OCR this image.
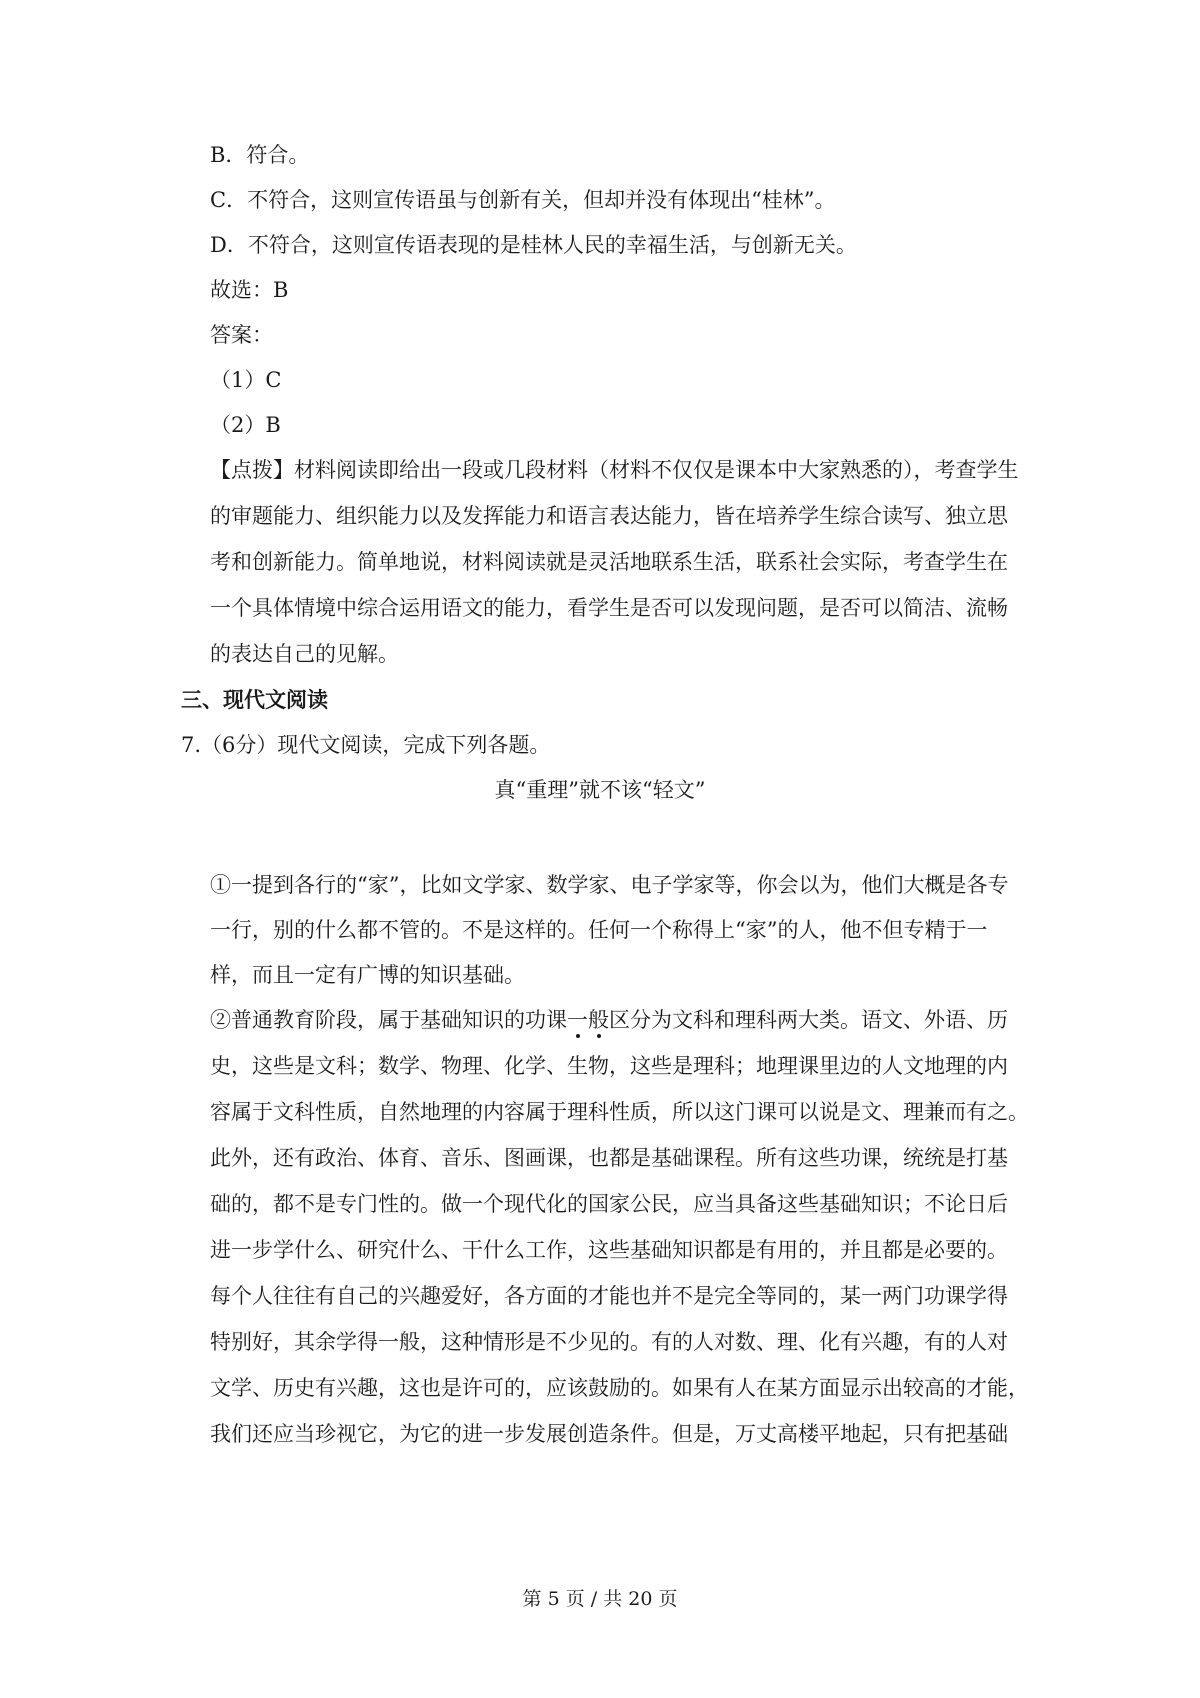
B．符合。
C．不符合，这则宣传语虽与创新有关，但却并没有体现出“桂林”。
D．不符合，这则宣传语表现的是桂林人民的幸福生活，与创新无关。
故选：B
答案：
（1）C
（2）B
【点拨】材料阅读即给出一段或几段材料（材料不仅仅是课本中大家熟悉的），考查学生
的审题能力、组织能力以及发挥能力和语言表达能力，皆在培养学生综合读写、独立思
考和创新能力。简单地说，材料阅读就是灵活地联系生活，联系社会实际，考查学生在
一个具体情境中综合运用语文的能力，看学生是否可以发现问题，是否可以简洁、流畅
的表达自己的见解。
三、现代文阅读
7.（6分）现代文阅读，完成下列各题。
真“重理”就不该“轻文”
①一提到各行的“家”，比如文学家、数学家、电子学家等，你会以为，他们大概是各专
一行，别的什么都不管的。不是这样的。任何一个称得上“家”的人，他不但专精于一
样，而且一定有广博的知识基础。
②普通教育阶段，属于基础知识的功课一般区分为文科和理科两大类。语文、外语、历
史，这些是文科；数学、物理、化学、生物，这些是理科；地理课里边的人文地理的内
容属于文科性质，自然地理的内容属于理科性质，所以这门课可以说是文、理兼而有之。
此外，还有政治、体育、音乐、图画课，也都是基础课程。所有这些功课，统统是打基
础的，都不是专门性的。做一个现代化的国家公民，应当具备这些基础知识；不论日后
进一步学什么、研究什么、干什么工作，这些基础知识都是有用的，并且都是必要的。
每个人往往有自己的兴趣爱好，各方面的才能也并不是完全等同的，某一两门功课学得
特别好，其余学得一般，这种情形是不少见的。有的人对数、理、化有兴趣，有的人对
文学、历史有兴趣，这也是许可的，应该鼓励的。如果有人在某方面显示出较高的才能，
我们还应当珍视它，为它的进一步发展创造条件。但是，万丈高楼平地起，只有把基础
第 5 页 / 共 20 页
